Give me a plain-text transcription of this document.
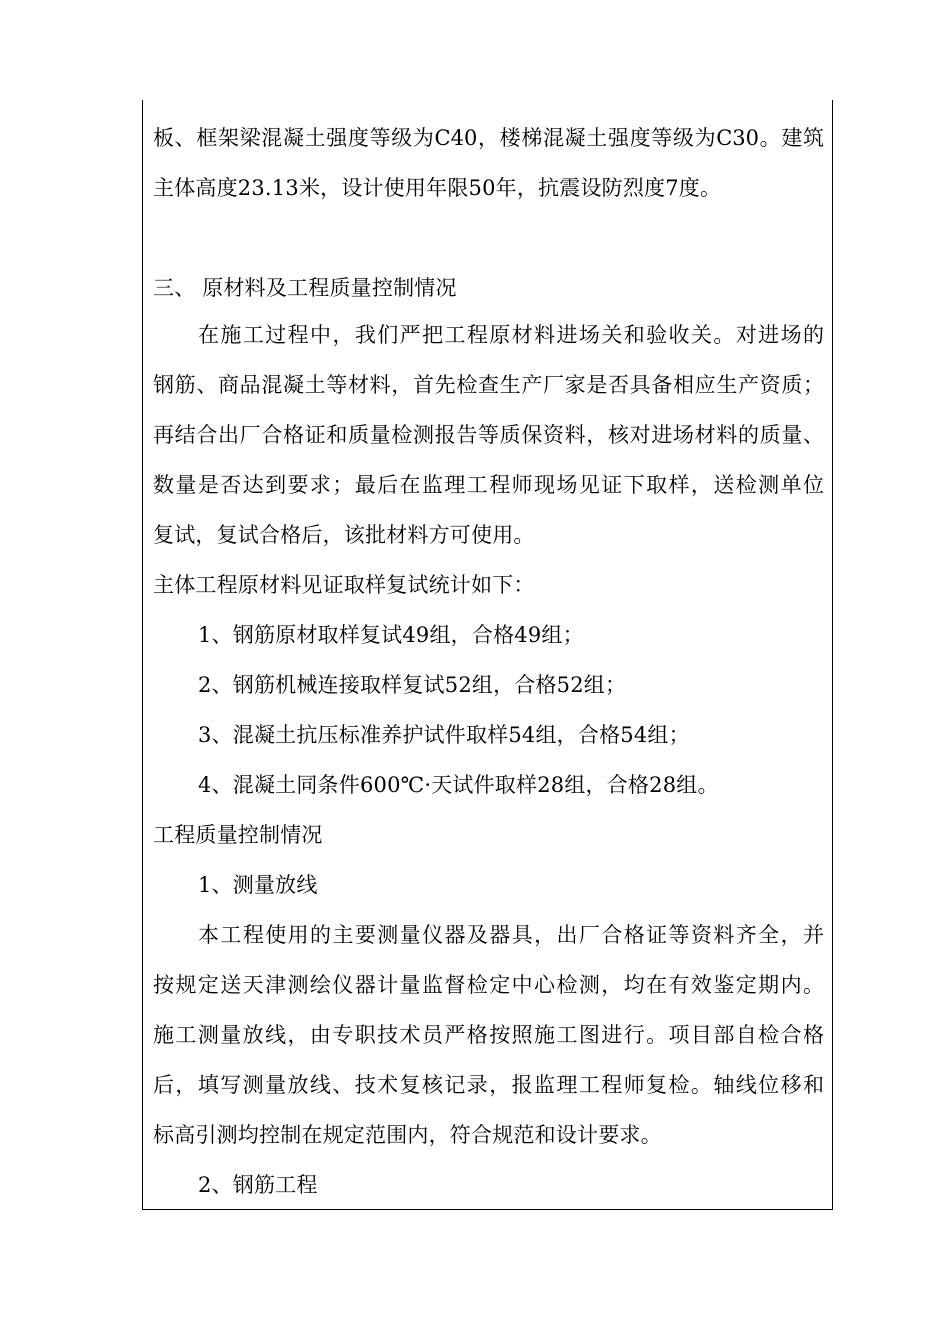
板、框架梁混凝土强度等级为C40，楼梯混凝土强度等级为C30。建筑
主体高度23.13米，设计使用年限50年，抗震设防烈度7度。
三、 原材料及工程质量控制情况
在施工过程中，我们严把工程原材料进场关和验收关。对进场的
钢筋、商品混凝土等材料，首先检查生产厂家是否具备相应生产资质；
再结合出厂合格证和质量检测报告等质保资料，核对进场材料的质量、
数量是否达到要求；最后在监理工程师现场见证下取样，送检测单位
复试，复试合格后，该批材料方可使用。
主体工程原材料见证取样复试统计如下：
1、钢筋原材取样复试49组，合格49组；
2、钢筋机械连接取样复试52组，合格52组；
3、混凝土抗压标准养护试件取样54组，合格54组；
4、混凝土同条件600℃·天试件取样28组，合格28组。
工程质量控制情况
1、测量放线
本工程使用的主要测量仪器及器具，出厂合格证等资料齐全，并
按规定送天津测绘仪器计量监督检定中心检测，均在有效鉴定期内。
施工测量放线，由专职技术员严格按照施工图进行。项目部自检合格
后，填写测量放线、技术复核记录，报监理工程师复检。轴线位移和
标高引测均控制在规定范围内，符合规范和设计要求。
2、钢筋工程
